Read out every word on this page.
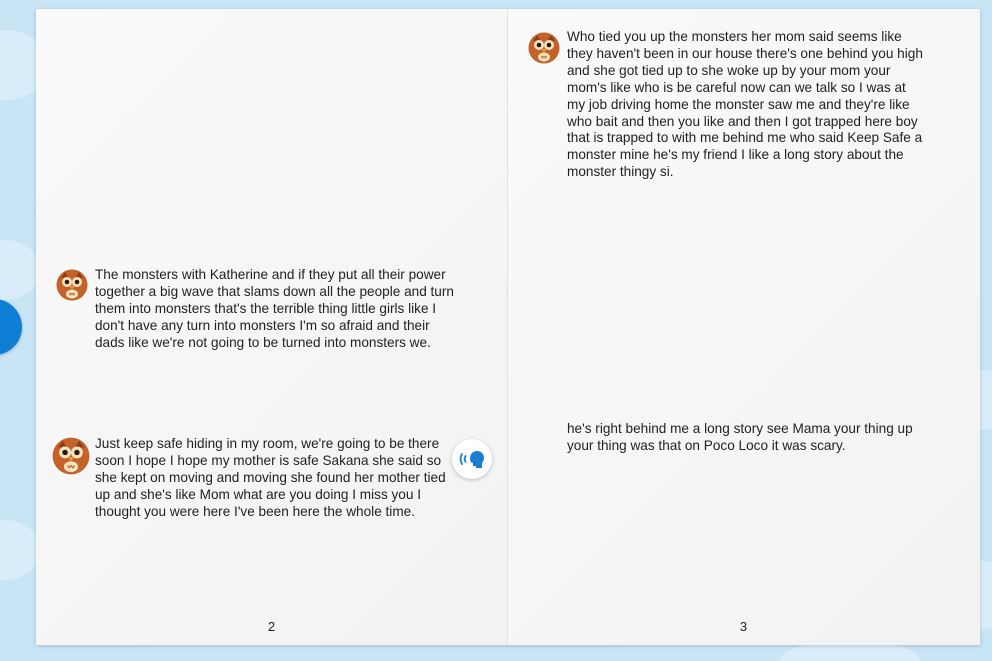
The monsters with Katherine and if they put all their power together a big wave that slams down all the people and turn them into monsters that's the terrible thing little girls like I don't have any turn into monsters I'm so afraid and their dads like we're not going to be turned into monsters we.
Just keep safe hiding in my room, we're going to be there soon I hope I hope my mother is safe Sakana she said so she kept on moving and moving she found her mother tied up and she's like Mom what are you doing I miss you I thought you were here I've been here the whole time.
2
Who tied you up the monsters her mom said seems like they haven't been in our house there's one behind you high and she got tied up to she woke up by your mom your mom's like who is be careful now can we talk so I was at my job driving home the monster saw me and they're like who bait and then you like and then I got trapped here boy that is trapped to with me behind me who said Keep Safe a monster mine he's my friend I like a long story about the monster thingy si.
he's right behind me a long story see Mama your thing up your thing was that on Poco Loco it was scary.
3
